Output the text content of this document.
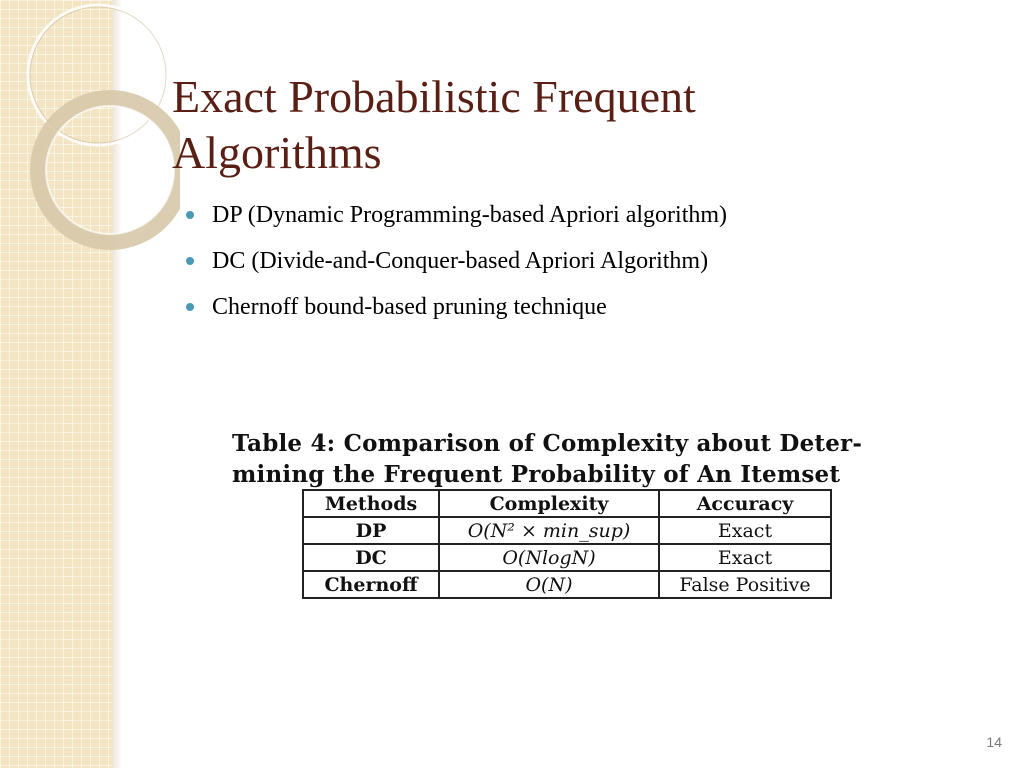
Exact Probabilistic Frequent
Algorithms
DP (Dynamic Programming-based Apriori algorithm)
DC (Divide-and-Conquer-based Apriori Algorithm)
Chernoff bound-based pruning technique
Table 4: Comparison of Complexity about Deter-
mining the Frequent Probability of An Itemset
Methods	Complexity	Accuracy
DP	O(N² × min_sup)	Exact
DC	O(NlogN)	Exact
Chernoff	O(N)	False Positive
14
